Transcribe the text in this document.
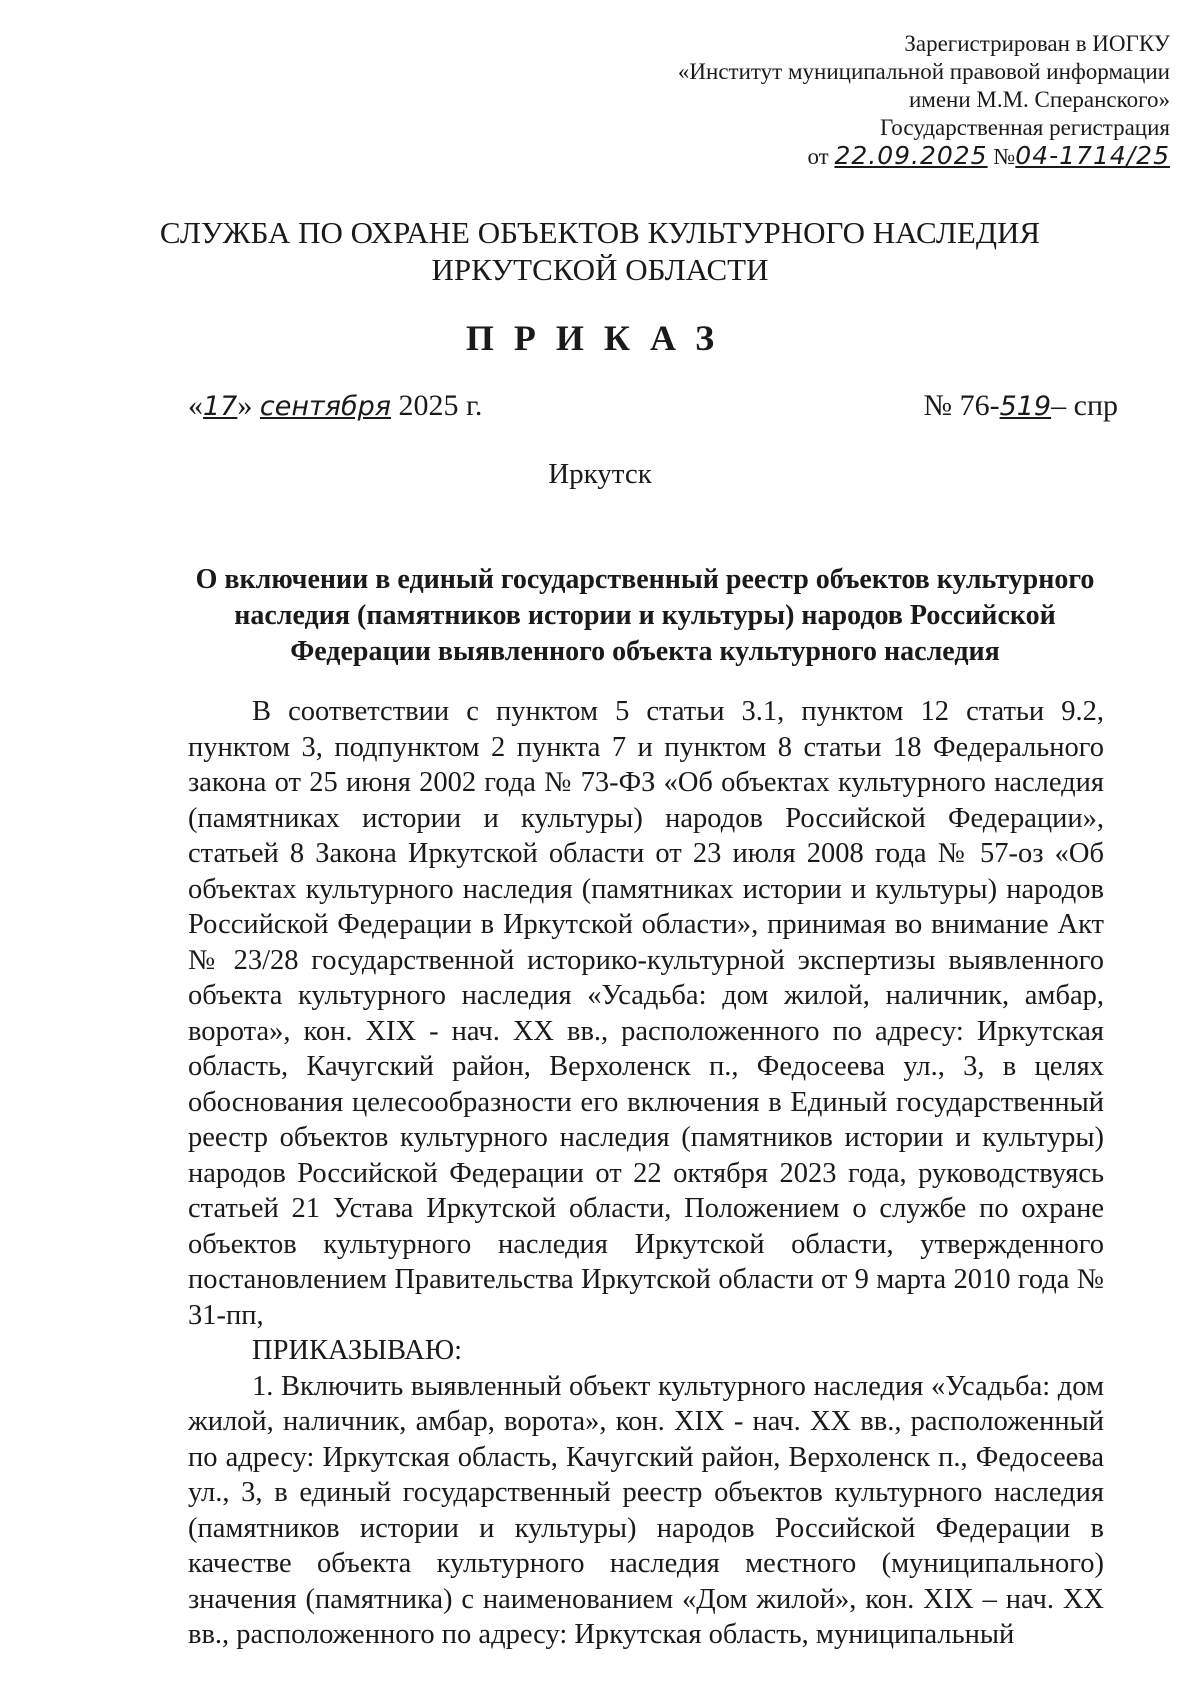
Зарегистрирован в ИОГКУ
«Институт муниципальной правовой информации
имени М.М. Сперанского»
Государственная регистрация
от 22.09.2025 №04-1714/25
СЛУЖБА ПО ОХРАНЕ ОБЪЕКТОВ КУЛЬТУРНОГО НАСЛЕДИЯ
ИРКУТСКОЙ ОБЛАСТИ
ПРИКАЗ
«17» сентября 2025 г.	№ 76-519– спр
Иркутск
О включении в единый государственный реестр объектов культурного наследия (памятников истории и культуры) народов Российской Федерации выявленного объекта культурного наследия

В соответствии с пунктом 5 статьи 3.1, пунктом 12 статьи 9.2, пунктом 3, подпунктом 2 пункта 7 и пунктом 8 статьи 18 Федерального закона от 25 июня 2002 года № 73-ФЗ «Об объектах культурного наследия (памятниках истории и культуры) народов Российской Федерации», статьей 8 Закона Иркутской области от 23 июля 2008 года № 57-оз «Об объектах культурного наследия (памятниках истории и культуры) народов Российской Федерации в Иркутской области», принимая во внимание Акт № 23/28 государственной историко-культурной экспертизы выявленного объекта культурного наследия «Усадьба: дом жилой, наличник, амбар, ворота», кон. XIX - нач. XX вв., расположенного по адресу: Иркутская область, Качугский район, Верхоленск п., Федосеева ул., 3, в целях обоснования целесообразности его включения в Единый государственный реестр объектов культурного наследия (памятников истории и культуры) народов Российской Федерации от 22 октября 2023 года, руководствуясь статьей 21 Устава Иркутской области, Положением о службе по охране объектов культурного наследия Иркутской области, утвержденного постановлением Правительства Иркутской области от 9 марта 2010 года № 31-пп,

ПРИКАЗЫВАЮ:

1. Включить выявленный объект культурного наследия «Усадьба: дом жилой, наличник, амбар, ворота», кон. XIX - нач. XX вв., расположенный по адресу: Иркутская область, Качугский район, Верхоленск п., Федосеева ул., 3, в единый государственный реестр объектов культурного наследия (памятников истории и культуры) народов Российской Федерации в качестве объекта культурного наследия местного (муниципального) значения (памятника) с наименованием «Дом жилой», кон. XIX – нач. XX вв., расположенного по адресу: Иркутская область, муниципальный
